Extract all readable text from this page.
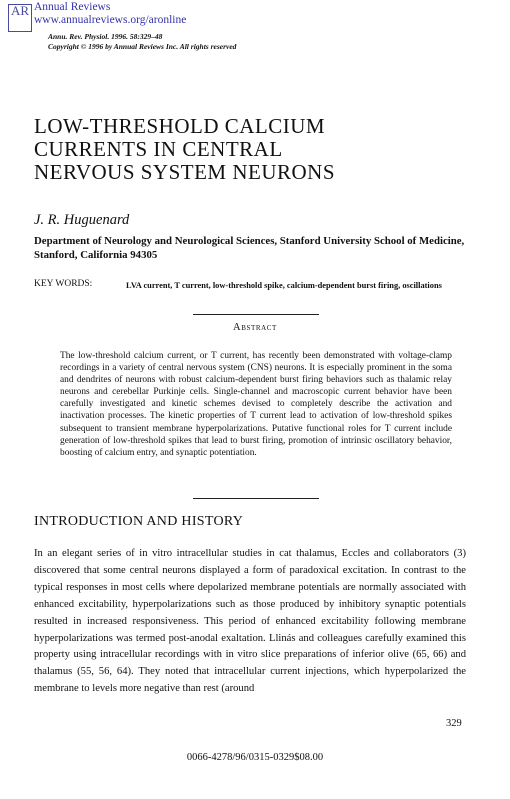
AR Annual Reviews
www.annualreviews.org/aronline
Annu. Rev. Physiol. 1996. 58:329–48
Copyright © 1996 by Annual Reviews Inc. All rights reserved
LOW-THRESHOLD CALCIUM
CURRENTS IN CENTRAL
NERVOUS SYSTEM NEURONS
J. R. Huguenard
Department of Neurology and Neurological Sciences, Stanford University School of Medicine, Stanford, California 94305
KEY WORDS:	LVA current, T current, low-threshold spike, calcium-dependent burst firing, oscillations
Abstract
The low-threshold calcium current, or T current, has recently been demonstrated with voltage-clamp recordings in a variety of central nervous system (CNS) neurons. It is especially prominent in the soma and dendrites of neurons with robust calcium-dependent burst firing behaviors such as thalamic relay neurons and cerebellar Purkinje cells. Single-channel and macroscopic current behavior have been carefully investigated and kinetic schemes devised to completely describe the activation and inactivation processes. The kinetic properties of T current lead to activation of low-threshold spikes subsequent to transient membrane hyperpolarizations. Putative functional roles for T current include generation of low-threshold spikes that lead to burst firing, promotion of intrinsic oscillatory behavior, boosting of calcium entry, and synaptic potentiation.
INTRODUCTION AND HISTORY
In an elegant series of in vitro intracellular studies in cat thalamus, Eccles and collaborators (3) discovered that some central neurons displayed a form of paradoxical excitation. In contrast to the typical responses in most cells where depolarized membrane potentials are normally associated with enhanced excitability, hyperpolarizations such as those produced by inhibitory synaptic potentials resulted in increased responsiveness. This period of enhanced excitability following membrane hyperpolarizations was termed post-anodal exaltation. Llinás and colleagues carefully examined this property using intracellular recordings with in vitro slice preparations of inferior olive (65, 66) and thalamus (55, 56, 64). They noted that intracellular current injections, which hyperpolarized the membrane to levels more negative than rest (around
329
0066-4278/96/0315-0329$08.00
